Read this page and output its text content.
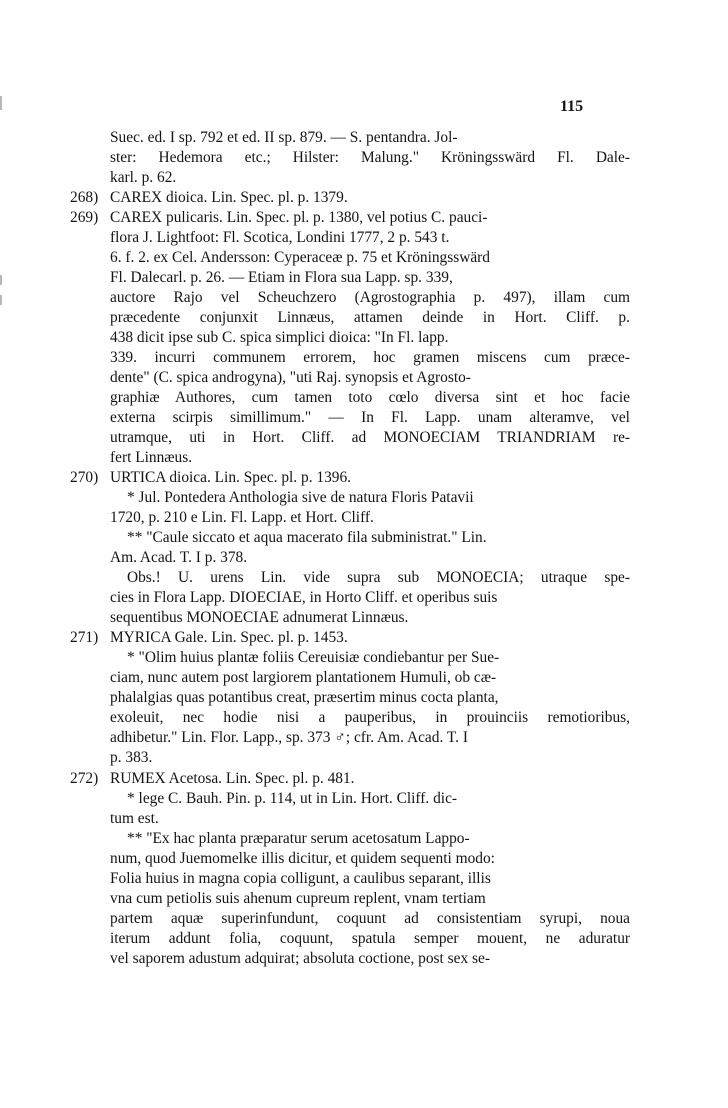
115
Suec. ed. I sp. 792 et ed. II sp. 879. — S. pentandra. Jol-
ster: Hedemora etc.; Hilster: Malung." Kröningsswärd Fl. Dale-
karl. p. 62.
268) CAREX dioica. Lin. Spec. pl. p. 1379.
269) CAREX pulicaris. Lin. Spec. pl. p. 1380, vel potius C. pauci-
flora J. Lightfoot: Fl. Scotica, Londini 1777, 2 p. 543 t.
6. f. 2. ex Cel. Andersson: Cyperaceæ p. 75 et Kröningsswärd
Fl. Dalecarl. p. 26. — Etiam in Flora sua Lapp. sp. 339,
auctore Rajo vel Scheuchzero (Agrostographia p. 497), illam cum
præcedente conjunxit Linnæus, attamen deinde in Hort. Cliff. p.
438 dicit ipse sub C. spica simplici dioica: "In Fl. lapp.
339. incurri communem errorem, hoc gramen miscens cum præce-
dente" (C. spica androgyna), "uti Raj. synopsis et Agrosto-
graphiæ Authores, cum tamen toto cœlo diversa sint et hoc facie
externa scirpis simillimum." — In Fl. Lapp. unam alteramve, vel
utramque, uti in Hort. Cliff. ad MONOECIAM TRIANDRIAM re-
fert Linnæus.
270) URTICA dioica. Lin. Spec. pl. p. 1396.
* Jul. Pontedera Anthologia sive de natura Floris Patavii
1720, p. 210 e Lin. Fl. Lapp. et Hort. Cliff.
** "Caule siccato et aqua macerato fila subministrat." Lin.
Am. Acad. T. I p. 378.
Obs.! U. urens Lin. vide supra sub MONOECIA; utraque spe-
cies in Flora Lapp. DIOECIAE, in Horto Cliff. et operibus suis
sequentibus MONOECIAE adnumerat Linnæus.
271) MYRICA Gale. Lin. Spec. pl. p. 1453.
* "Olim huius plantæ foliis Cereuisiæ condiebantur per Sue-
ciam, nunc autem post largiorem plantationem Humuli, ob cæ-
phalalgias quas potantibus creat, præsertim minus cocta planta,
exoleuit, nec hodie nisi a pauperibus, in prouinciis remotioribus,
adhibetur." Lin. Flor. Lapp., sp. 373 ♂; cfr. Am. Acad. T. I
p. 383.
272) RUMEX Acetosa. Lin. Spec. pl. p. 481.
* lege C. Bauh. Pin. p. 114, ut in Lin. Hort. Cliff. dic-
tum est.
** "Ex hac planta præparatur serum acetosatum Lappo-
num, quod Juemomelke illis dicitur, et quidem sequenti modo:
Folia huius in magna copia colligunt, a caulibus separant, illis
vna cum petiolis suis ahenum cupreum replent, vnam tertiam
partem aquæ superinfundunt, coquunt ad consistentiam syrupi, noua
iterum addunt folia, coquunt, spatula semper mouent, ne aduratur
vel saporem adustum adquirat; absoluta coctione, post sex se-
